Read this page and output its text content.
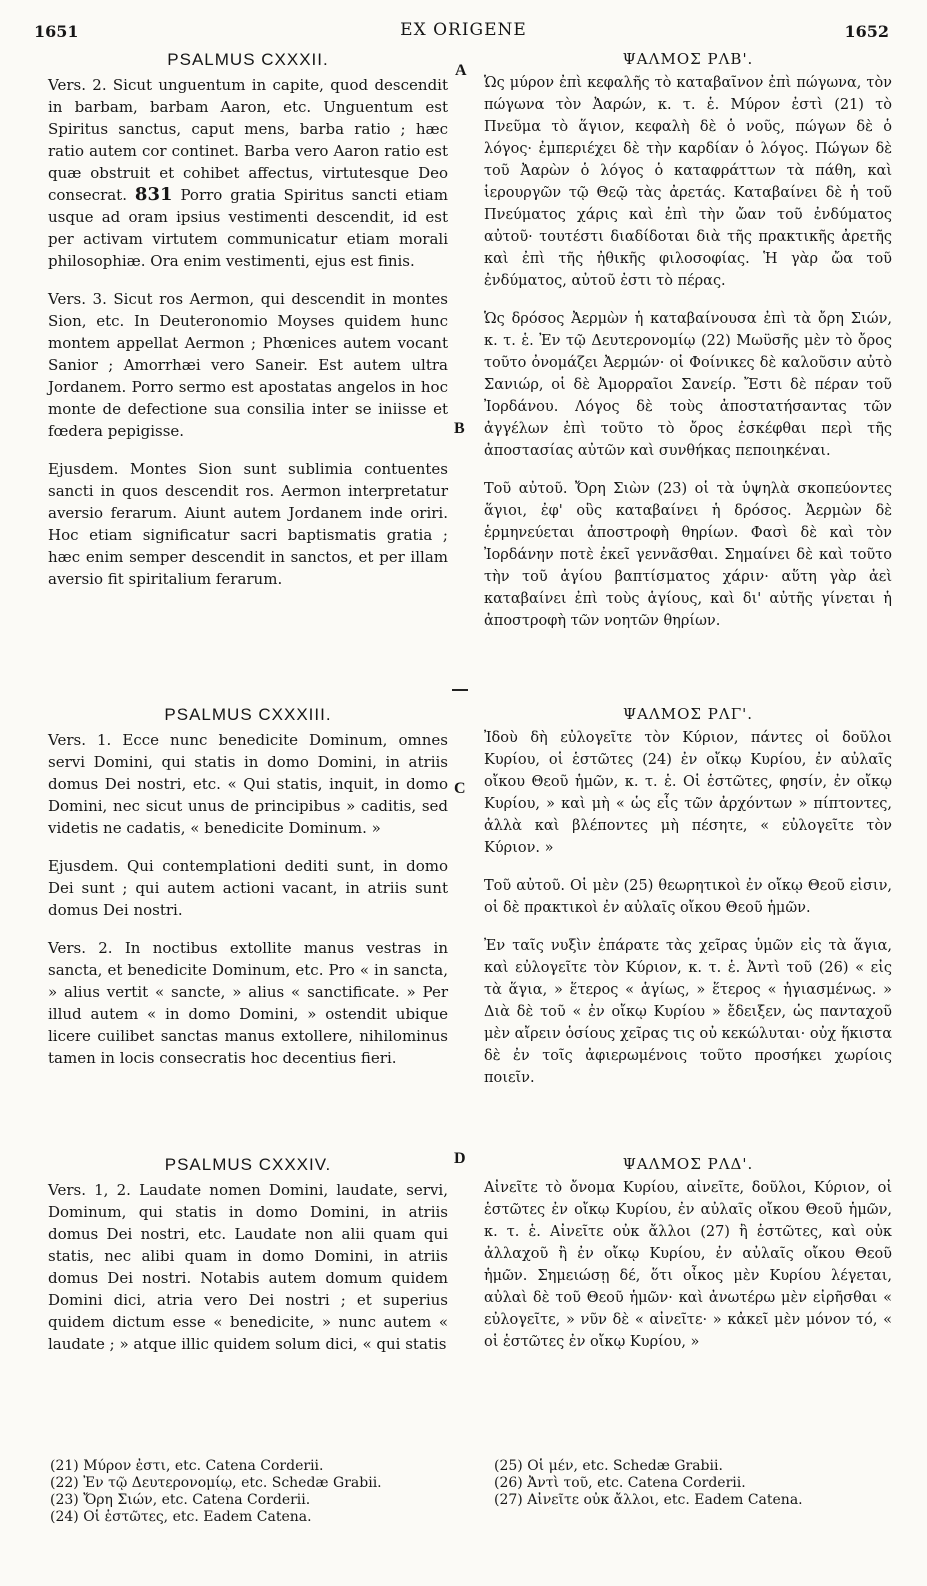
1651	EX ORIGENE	1652
A
B
C
D
PSALMUS CXXXII.

Vers. 2. Sicut unguentum in capite, quod descendit in barbam, barbam Aaron, etc. Unguentum est Spiritus sanctus, caput mens, barba ratio ; hæc ratio autem cor continet. Barba vero Aaron ratio est quæ obstruit et cohibet affectus, virtutesque Deo consecrat. 831 Porro gratia Spiritus sancti etiam usque ad oram ipsius vestimenti descendit, id est per activam virtutem communicatur etiam morali philosophiæ. Ora enim vestimenti, ejus est finis.

Vers. 3. Sicut ros Aermon, qui descendit in montes Sion, etc. In Deuteronomio Moyses quidem hunc montem appellat Aermon ; Phœnices autem vocant Sanior ; Amorrhæi vero Saneir. Est autem ultra Jordanem. Porro sermo est apostatas angelos in hoc monte de defectione sua consilia inter se iniisse et fœdera pepigisse.

Ejusdem. Montes Sion sunt sublimia contuentes sancti in quos descendit ros. Aermon interpretatur aversio ferarum. Aiunt autem Jordanem inde oriri. Hoc etiam significatur sacri baptismatis gratia ; hæc enim semper descendit in sanctos, et per illam aversio fit spiritalium ferarum.

PSALMUS CXXXIII.

Vers. 1. Ecce nunc benedicite Dominum, omnes servi Domini, qui statis in domo Domini, in atriis domus Dei nostri, etc. « Qui statis, inquit, in domo Domini, nec sicut unus de principibus » caditis, sed videtis ne cadatis, « benedicite Dominum. »

Ejusdem. Qui contemplationi dediti sunt, in domo Dei sunt ; qui autem actioni vacant, in atriis sunt domus Dei nostri.

Vers. 2. In noctibus extollite manus vestras in sancta, et benedicite Dominum, etc. Pro « in sancta, » alius vertit « sancte, » alius « sanctificate. » Per illud autem « in domo Domini, » ostendit ubique licere cuilibet sanctas manus extollere, nihilominus tamen in locis consecratis hoc decentius fieri.

PSALMUS CXXXIV.

Vers. 1, 2. Laudate nomen Domini, laudate, servi, Dominum, qui statis in domo Domini, in atriis domus Dei nostri, etc. Laudate non alii quam qui statis, nec alibi quam in domo Domini, in atriis domus Dei nostri. Notabis autem domum quidem Domini dici, atria vero Dei nostri ; et superius quidem dictum esse « benedicite, » nunc autem « laudate ; » atque illic quidem solum dici, « qui statis

(21) Μύρον ἐστι, etc. Catena Corderii.
(22) Ἐν τῷ Δευτερονομίῳ, etc. Schedæ Grabii.
(23) Ὄρη Σιών, etc. Catena Corderii.
(24) Οἱ ἑστῶτες, etc. Eadem Catena.
ΨΑΛΜΟΣ ΡΛΒ'.

Ὡς μύρον ἐπὶ κεφαλῆς τὸ καταβαῖνον ἐπὶ πώγωνα, τὸν πώγωνα τὸν Ἀαρών, κ. τ. ἑ. Μύρον ἐστὶ (21) τὸ Πνεῦμα τὸ ἅγιον, κεφαλὴ δὲ ὁ νοῦς, πώγων δὲ ὁ λόγος· ἐμπεριέχει δὲ τὴν καρδίαν ὁ λόγος. Πώγων δὲ τοῦ Ἀαρὼν ὁ λόγος ὁ καταφράττων τὰ πάθη, καὶ ἱερουργῶν τῷ Θεῷ τὰς ἀρετάς. Καταβαίνει δὲ ἡ τοῦ Πνεύματος χάρις καὶ ἐπὶ τὴν ὤαν τοῦ ἐνδύματος αὐτοῦ· τουτέστι διαδίδοται διὰ τῆς πρακτικῆς ἀρετῆς καὶ ἐπὶ τῆς ἠθικῆς φιλοσοφίας. Ἡ γὰρ ὤα τοῦ ἐνδύματος, αὐτοῦ ἐστι τὸ πέρας.

Ὡς δρόσος Ἀερμὼν ἡ καταβαίνουσα ἐπὶ τὰ ὄρη Σιών, κ. τ. ἑ. Ἐν τῷ Δευτερονομίῳ (22) Μωϋσῆς μὲν τὸ ὄρος τοῦτο ὀνομάζει Ἀερμών· οἱ Φοίνικες δὲ καλοῦσιν αὐτὸ Σανιώρ, οἱ δὲ Ἀμορραῖοι Σανείρ. Ἔστι δὲ πέραν τοῦ Ἰορδάνου. Λόγος δὲ τοὺς ἀποστατήσαντας τῶν ἀγγέλων ἐπὶ τοῦτο τὸ ὄρος ἐσκέφθαι περὶ τῆς ἀποστασίας αὐτῶν καὶ συνθήκας πεποιηκέναι.

Τοῦ αὐτοῦ. Ὄρη Σιὼν (23) οἱ τὰ ὑψηλὰ σκοπεύοντες ἅγιοι, ἐφ' οὓς καταβαίνει ἡ δρόσος. Ἀερμὼν δὲ ἑρμηνεύεται ἀποστροφὴ θηρίων. Φασὶ δὲ καὶ τὸν Ἰορδάνην ποτὲ ἐκεῖ γεννᾶσθαι. Σημαίνει δὲ καὶ τοῦτο τὴν τοῦ ἁγίου βαπτίσματος χάριν· αὕτη γὰρ ἀεὶ καταβαίνει ἐπὶ τοὺς ἁγίους, καὶ δι' αὐτῆς γίνεται ἡ ἀποστροφὴ τῶν νοητῶν θηρίων.

ΨΑΛΜΟΣ ΡΛΓ'.

Ἰδοὺ δὴ εὐλογεῖτε τὸν Κύριον, πάντες οἱ δοῦλοι Κυρίου, οἱ ἑστῶτες (24) ἐν οἴκῳ Κυρίου, ἐν αὐλαῖς οἴκου Θεοῦ ἡμῶν, κ. τ. ἑ. Οἱ ἑστῶτες, φησίν, ἐν οἴκῳ Κυρίου, » καὶ μὴ « ὡς εἷς τῶν ἀρχόντων » πίπτοντες, ἀλλὰ καὶ βλέποντες μὴ πέσητε, « εὐλογεῖτε τὸν Κύριον. »

Τοῦ αὐτοῦ. Οἱ μὲν (25) θεωρητικοὶ ἐν οἴκῳ Θεοῦ εἰσιν, οἱ δὲ πρακτικοὶ ἐν αὐλαῖς οἴκου Θεοῦ ἡμῶν.

Ἐν ταῖς νυξὶν ἐπάρατε τὰς χεῖρας ὑμῶν εἰς τὰ ἅγια, καὶ εὐλογεῖτε τὸν Κύριον, κ. τ. ἑ. Ἀντὶ τοῦ (26) « εἰς τὰ ἅγια, » ἕτερος « ἁγίως, » ἕτερος « ἡγιασμένως. » Διὰ δὲ τοῦ « ἐν οἴκῳ Κυρίου » ἔδειξεν, ὡς πανταχοῦ μὲν αἴρειν ὁσίους χεῖρας τις οὐ κεκώλυται· οὐχ ἥκιστα δὲ ἐν τοῖς ἀφιερωμένοις τοῦτο προσήκει χωρίοις ποιεῖν.

ΨΑΛΜΟΣ ΡΛΔ'.

Αἰνεῖτε τὸ ὄνομα Κυρίου, αἰνεῖτε, δοῦλοι, Κύριον, οἱ ἑστῶτες ἐν οἴκῳ Κυρίου, ἐν αὐλαῖς οἴκου Θεοῦ ἡμῶν, κ. τ. ἑ. Αἰνεῖτε οὐκ ἄλλοι (27) ἢ ἑστῶτες, καὶ οὐκ ἀλλαχοῦ ἢ ἐν οἴκῳ Κυρίου, ἐν αὐλαῖς οἴκου Θεοῦ ἡμῶν. Σημειώσῃ δέ, ὅτι οἶκος μὲν Κυρίου λέγεται, αὐλαὶ δὲ τοῦ Θεοῦ ἡμῶν· καὶ ἀνωτέρω μὲν εἰρῆσθαι « εὐλογεῖτε, » νῦν δὲ « αἰνεῖτε· » κἀκεῖ μὲν μόνον τό, « οἱ ἑστῶτες ἐν οἴκῳ Κυρίου, »

(25) Οἱ μέν, etc. Schedæ Grabii.
(26) Ἀντὶ τοῦ, etc. Catena Corderii.
(27) Αἰνεῖτε οὐκ ἄλλοι, etc. Eadem Catena.
